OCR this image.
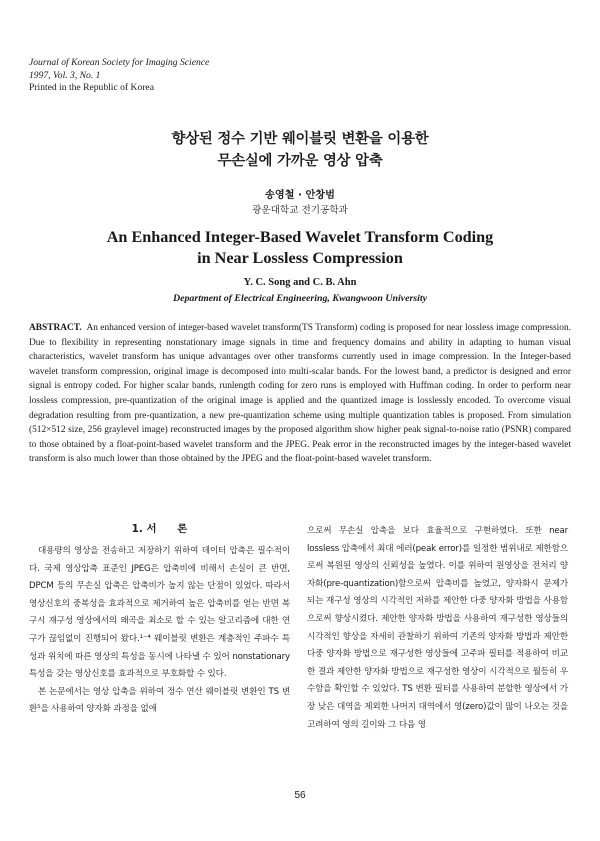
Journal of Korean Society for Imaging Science
1997, Vol. 3, No. 1
Printed in the Republic of Korea
향상된 정수 기반 웨이블릿 변환을 이용한
무손실에 가까운 영상 압축
송영철 · 안창범
광운대학교 전기공학과
An Enhanced Integer-Based Wavelet Transform Coding
in Near Lossless Compression
Y. C. Song and C. B. Ahn
Department of Electrical Engineering, Kwangwoon University

ABSTRACT. An enhanced version of integer-based wavelet transform(TS Transform) coding is proposed for near lossless image compression. Due to flexibility in representing nonstationary image signals in time and frequency domains and ability in adapting to human visual characteristics, wavelet transform has unique advantages over other transforms currently used in image compression. In the Integer-based wavelet transform compression, original image is decomposed into multi-scalar bands. For the lowest band, a predictor is designed and error signal is entropy coded. For higher scalar bands, runlength coding for zero runs is employed with Huffman coding. In order to perform near lossless compression, pre-quantization of the original image is applied and the quantized image is losslessly encoded. To overcome visual degradation resulting from pre-quantization, a new pre-quantization scheme using multiple quantization tables is proposed. From simulation (512×512 size, 256 graylevel image) reconstructed images by the proposed algorithm show higher peak signal-to-noise ratio (PSNR) compared to those obtained by a float-point-based wavelet transform and the JPEG. Peak error in the reconstructed images by the integer-based wavelet transform is also much lower than those obtained by the JPEG and the float-point-based wavelet transform.

1. 서　　론

대용량의 영상을 전송하고 저장하기 위하여 데이터 압축은 필수적이다. 국제 영상압축 표준인 JPEG은 압축비에 비해서 손실이 큰 반면, DPCM 등의 무손실 압축은 압축비가 높지 않는 단점이 있었다. 따라서 영상신호의 중복성을 효과적으로 제거하여 높은 압축비를 얻는 반면 복구시 재구성 영상에서의 왜곡을 최소로 할 수 있는 알고리즘에 대한 연구가 끊임없이 진행되어 왔다.¹⁻⁴ 웨이블릿 변환은 계층적인 주파수 특성과 위치에 따른 영상의 특성을 동시에 나타낼 수 있어 nonstationary 특성을 갖는 영상신호를 효과적으로 부호화할 수 있다.

본 논문에서는 영상 압축을 위하여 정수 연산 웨이블릿 변환인 TS 변환⁵을 사용하여 양자화 과정을 없애

으로써 무손실 압축을 보다 효율적으로 구현하였다. 또한 near lossless 압축에서 최대 에러(peak error)를 일정한 범위내로 제한함으로써 복원된 영상의 신뢰성을 높였다. 이를 위하여 원영상을 전처리 양자화(pre-quantization)함으로써 압축비를 높였고, 양자화시 문제가 되는 재구성 영상의 시각적인 저하를 제안한 다중 양자화 방법을 사용함으로써 향상시켰다. 제안한 양자화 방법을 사용하여 재구성한 영상들의 시각적인 향상을 자세히 관찰하기 위하여 기존의 양자화 방법과 제안한 다중 양자화 방법으로 재구성한 영상들에 고주파 필터를 적용하여 비교한 결과 제안한 양자화 방법으로 재구성한 영상이 시각적으로 월등히 우수함을 확인할 수 있었다. TS 변환 필터를 사용하여 분할한 영상에서 가장 낮은 대역을 제외한 나머지 대역에서 영(zero)값이 많이 나오는 것을 고려하여 영의 길이와 그 다음 영

56
